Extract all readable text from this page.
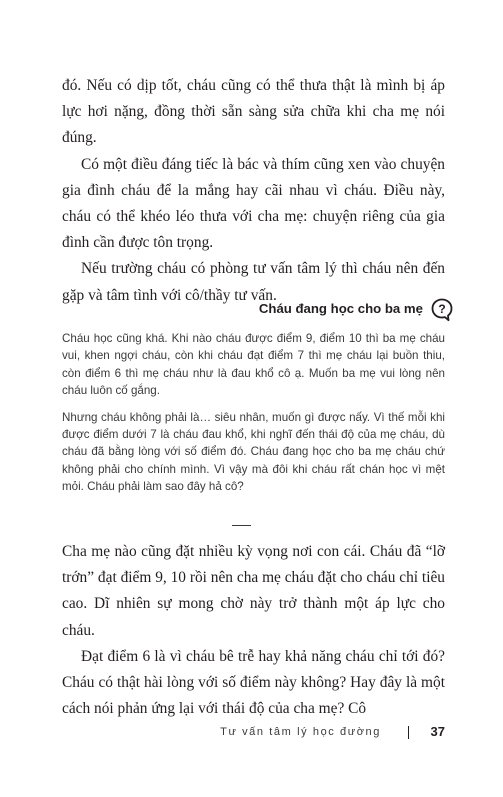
đó. Nếu có dịp tốt, cháu cũng có thể thưa thật là mình bị áp lực hơi nặng, đồng thời sẵn sàng sửa chữa khi cha mẹ nói đúng.

Có một điều đáng tiếc là bác và thím cũng xen vào chuyện gia đình cháu để la mắng hay cãi nhau vì cháu. Điều này, cháu có thể khéo léo thưa với cha mẹ: chuyện riêng của gia đình cần được tôn trọng.

Nếu trường cháu có phòng tư vấn tâm lý thì cháu nên đến gặp và tâm tình với cô/thầy tư vấn.

Cháu đang học cho ba mẹ ?

Cháu học cũng khá. Khi nào cháu được điểm 9, điểm 10 thì ba mẹ cháu vui, khen ngợi cháu, còn khi cháu đạt điểm 7 thì mẹ cháu lại buồn thiu, còn điểm 6 thì mẹ cháu như là đau khổ cô ạ. Muốn ba mẹ vui lòng nên cháu luôn cố gắng.

Nhưng cháu không phải là… siêu nhân, muốn gì được nấy. Vì thế mỗi khi được điểm dưới 7 là cháu đau khổ, khi nghĩ đến thái độ của mẹ cháu, dù cháu đã bằng lòng với số điểm đó. Cháu đang học cho ba mẹ cháu chứ không phải cho chính mình. Vì vậy mà đôi khi cháu rất chán học vì mệt mỏi. Cháu phải làm sao đây hả cô?

Cha mẹ nào cũng đặt nhiều kỳ vọng nơi con cái. Cháu đã “lỡ trớn” đạt điểm 9, 10 rồi nên cha mẹ cháu đặt cho cháu chỉ tiêu cao. Dĩ nhiên sự mong chờ này trở thành một áp lực cho cháu.

Đạt điểm 6 là vì cháu bê trễ hay khả năng cháu chỉ tới đó? Cháu có thật hài lòng với số điểm này không? Hay đây là một cách nói phản ứng lại với thái độ của cha mẹ? Cô

Tư vấn tâm lý học đường	37
